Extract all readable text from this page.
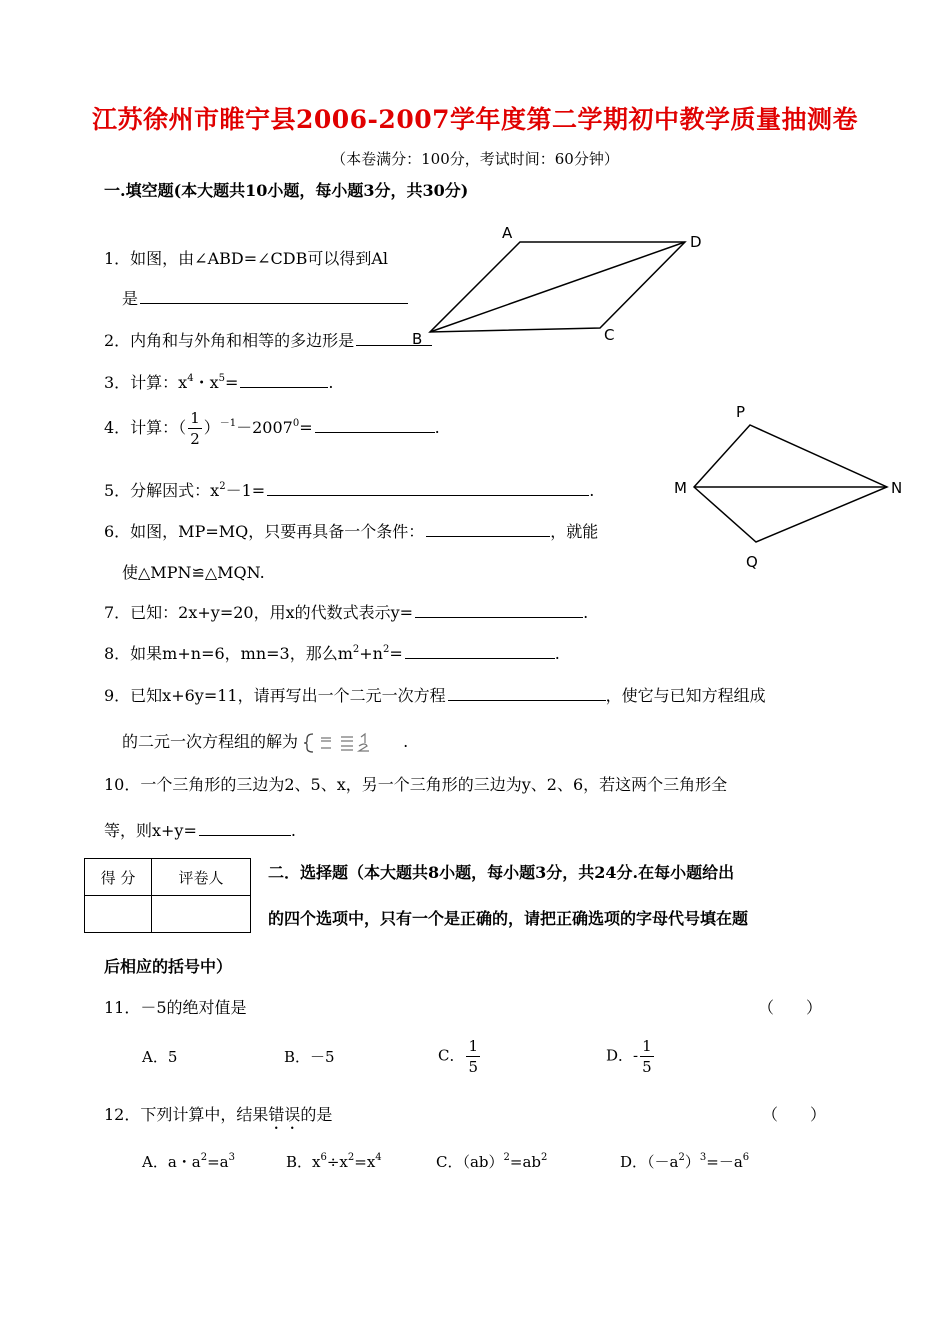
江苏徐州市睢宁县2006-2007学年度第二学期初中教学质量抽测卷
（本卷满分：100分，考试时间：60分钟）
一.填空题(本大题共10小题，每小题3分，共30分)
A	D
B	C
1．如图，由∠ABD=∠CDB可以得到Al
是
2．内角和与外角和相等的多边形是
3．计算：$x^4$・$x^5=$	.
4．计算：（ $\frac{1}{2} )^{-1}-2007^0=$	.
P
M	N
Q
5．分解因式：$x^2-1=$	.
6．如图，MP=MQ，只要再具备一个条件：	，就能
使△MPN≌△MQN.
7．已知：2x+y=20，用x的代数式表示y=	.
8．如果m+n=6，mn=3，那么$m^2+n^2=$	.
9．已知x+6y=11，请再写出一个二元一次方程	，使它与已知方程组成
的二元一次方程组的解为	.
10．一个三角形的三边为2、5、x，另一个三角形的三边为y、2、6，若这两个三角形全
等，则x+y=	.
得 分	评卷人
		二．选择题（本大题共8小题，每小题3分，共24分.在每小题给出
的四个选项中，只有一个是正确的，请把正确选项的字母代号填在题
后相应的括号中）
11．－5的绝对值是	（　　）
A．5	B．－5	C． $\frac{1}{5}$	D．- $\frac{1}{5}$
12．下列计算中，结果错误的是	（　　）
A．a・$a^2=a^3$	B．$x^6\div x^2=x^4$	C．$(ab)^2=ab^2$	D．$(-a^2)^3=-a^6$
